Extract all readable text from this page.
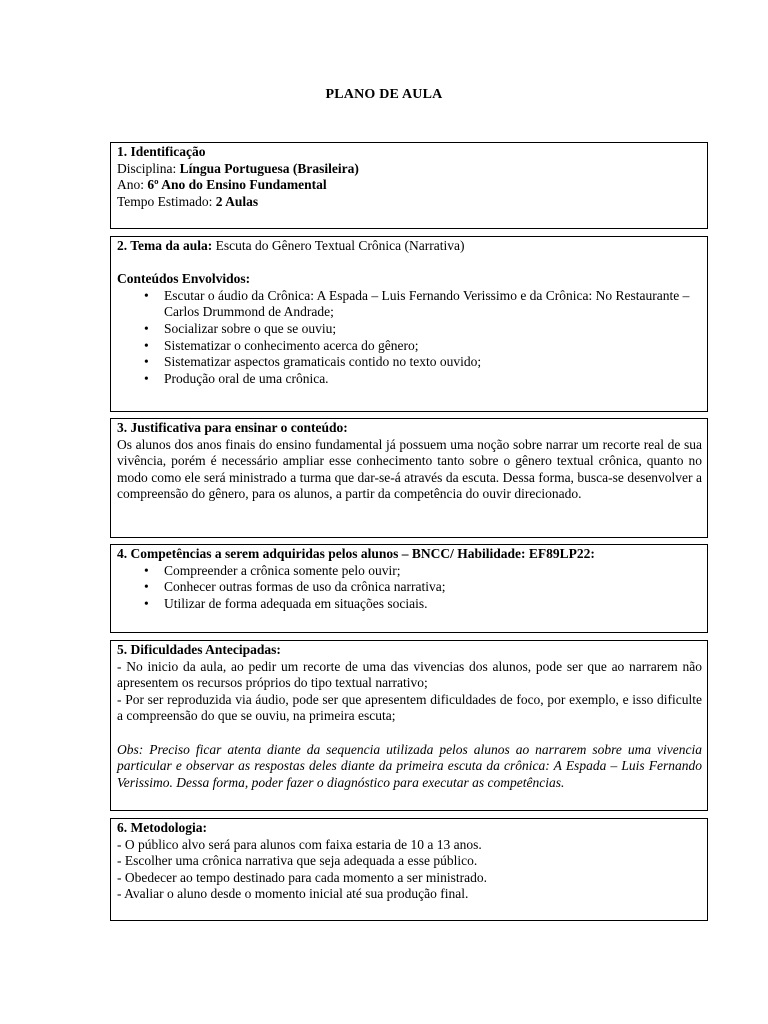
PLANO DE AULA
1. Identificação
Disciplina: Língua Portuguesa (Brasileira)
Ano: 6º Ano do Ensino Fundamental
Tempo Estimado: 2 Aulas
2. Tema da aula: Escuta do Gênero Textual Crônica (Narrativa)
Conteúdos Envolvidos:
• Escutar o áudio da Crônica: A Espada – Luis Fernando Verissimo e da Crônica: No Restaurante – Carlos Drummond de Andrade;
• Socializar sobre o que se ouviu;
• Sistematizar o conhecimento acerca do gênero;
• Sistematizar aspectos gramaticais contido no texto ouvido;
• Produção oral de uma crônica.
3. Justificativa para ensinar o conteúdo:
Os alunos dos anos finais do ensino fundamental já possuem uma noção sobre narrar um recorte real de sua vivência, porém é necessário ampliar esse conhecimento tanto sobre o gênero textual crônica, quanto no modo como ele será ministrado a turma que dar-se-á através da escuta. Dessa forma, busca-se desenvolver a compreensão do gênero, para os alunos, a partir da competência do ouvir direcionado.
4. Competências a serem adquiridas pelos alunos – BNCC/ Habilidade: EF89LP22:
• Compreender a crônica somente pelo ouvir;
• Conhecer outras formas de uso da crônica narrativa;
• Utilizar de forma adequada em situações sociais.
5. Dificuldades Antecipadas:
- No inicio da aula, ao pedir um recorte de uma das vivencias dos alunos, pode ser que ao narrarem não apresentem os recursos próprios do tipo textual narrativo;
- Por ser reproduzida via áudio, pode ser que apresentem dificuldades de foco, por exemplo, e isso dificulte a compreensão do que se ouviu, na primeira escuta;
Obs: Preciso ficar atenta diante da sequencia utilizada pelos alunos ao narrarem sobre uma vivencia particular e observar as respostas deles diante da primeira escuta da crônica: A Espada – Luis Fernando Verissimo. Dessa forma, poder fazer o diagnóstico para executar as competências.
6. Metodologia:
- O público alvo será para alunos com faixa estaria de 10 a 13 anos.
- Escolher uma crônica narrativa que seja adequada a esse público.
- Obedecer ao tempo destinado para cada momento a ser ministrado.
- Avaliar o aluno desde o momento inicial até sua produção final.
